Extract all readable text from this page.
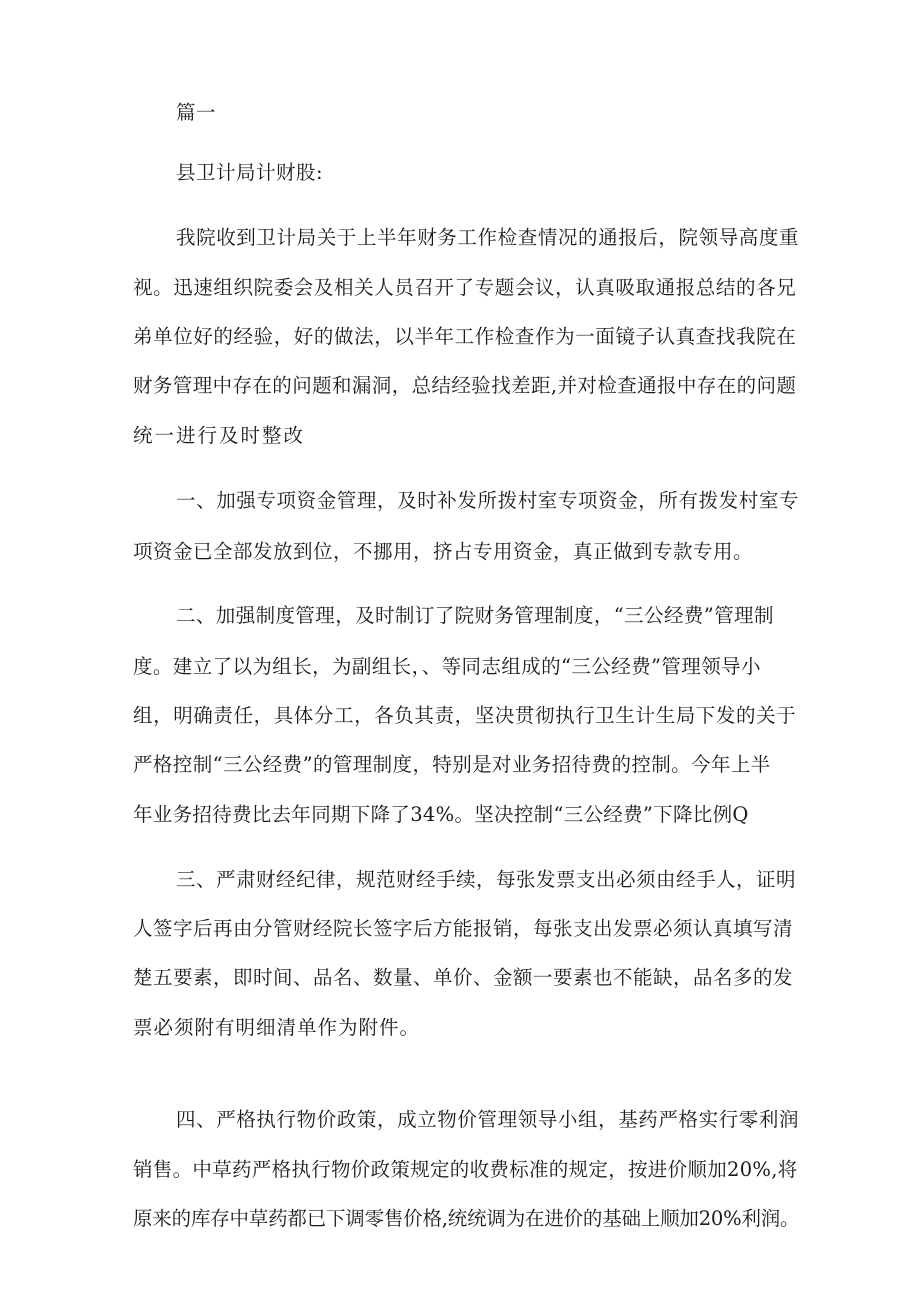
篇一
县卫计局计财股:
我院收到卫计局关于上半年财务工作检查情况的通报后，院领导高度重
视。迅速组织院委会及相关人员召开了专题会议，认真吸取通报总结的各兄
弟单位好的经验，好的做法，以半年工作检查作为一面镜子认真查找我院在
财务管理中存在的问题和漏洞，总结经验找差距,并对检查通报中存在的问题
统一进行及时整改
一、加强专项资金管理，及时补发所拨村室专项资金，所有拨发村室专
项资金已全部发放到位，不挪用，挤占专用资金，真正做到专款专用。
二、加强制度管理，及时制订了院财务管理制度，“三公经费”管理制
度。建立了以为组长，为副组长，、等同志组成的“三公经费”管理领导小
组，明确责任，具体分工，各负其责，坚决贯彻执行卫生计生局下发的关于
严格控制“三公经费”的管理制度，特别是对业务招待费的控制。今年上半
年业务招待费比去年同期下降了34%。坚决控制“三公经费”下降比例Q
三、严肃财经纪律，规范财经手续，每张发票支出必须由经手人，证明
人签字后再由分管财经院长签字后方能报销，每张支出发票必须认真填写清
楚五要素，即时间、品名、数量、单价、金额一要素也不能缺，品名多的发
票必须附有明细清单作为附件。
四、严格执行物价政策，成立物价管理领导小组，基药严格实行零利润
销售。中草药严格执行物价政策规定的收费标准的规定，按进价顺加20%,将
原来的库存中草药都已下调零售价格,统统调为在进价的基础上顺加20%利润。
